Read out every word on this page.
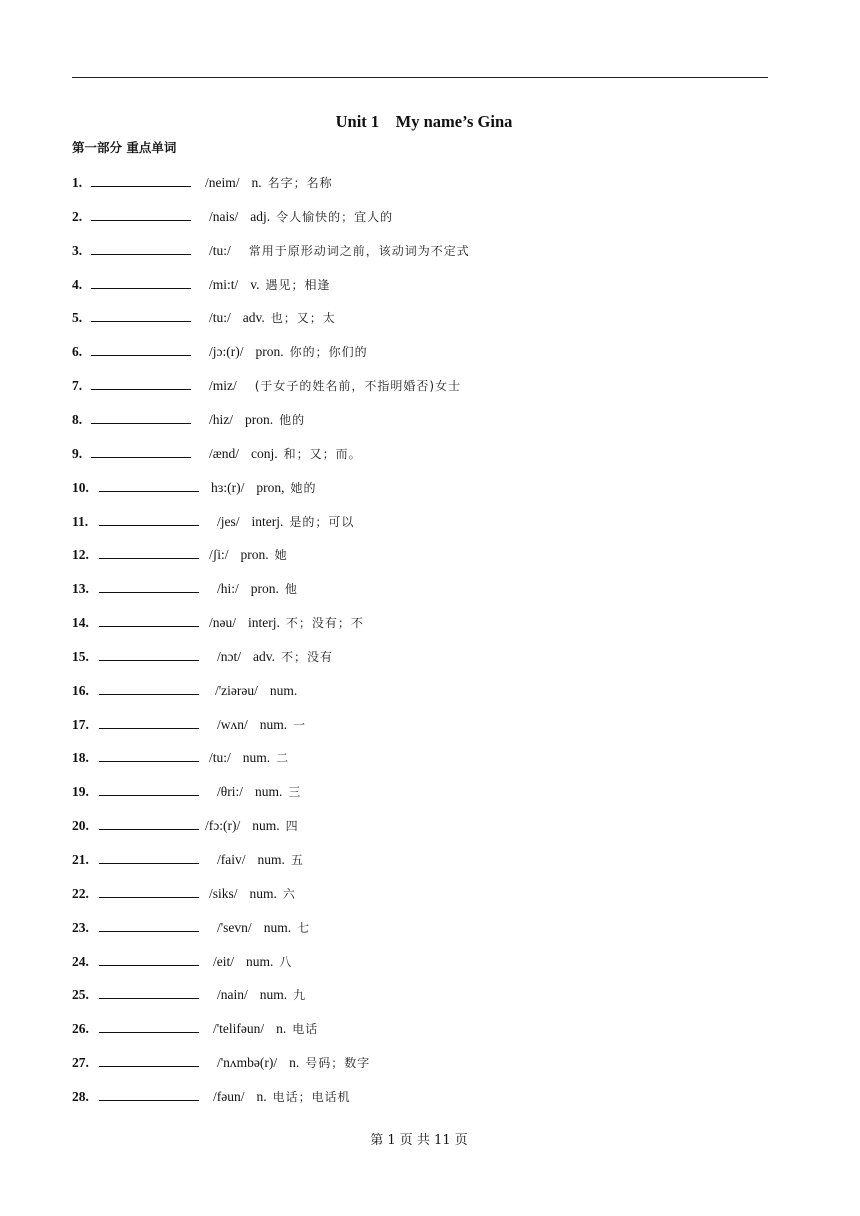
Unit 1    My name’s Gina
第一部分 重点单词
1.	/neim/ n. 名字；名称
2.	/nais/ adj. 令人愉快的；宜人的
3.	/tu:/ 常用于原形动词之前，该动词为不定式
4.	/mi:t/ v. 遇见；相逢
5.	/tu:/ adv. 也；又；太
6.	/jɔ:(r)/ pron. 你的；你们的
7.	/miz/ (于女子的姓名前，不指明婚否)女士
8.	/hiz/ pron. 他的
9.	/ænd/ conj. 和；又；而。
10.	hɜ:(r)/ pron, 她的
11.	/jes/ interj. 是的；可以
12.	/ʃi:/ pron. 她
13.	/hi:/ pron. 他
14.	/nəu/ interj. 不；没有；不
15.	/nɔt/ adv. 不；没有
16.	/'ziərəu/ num.
17.	/wʌn/ num. 一
18.	/tu:/ num. 二
19.	/θri:/ num. 三
20.	/fɔ:(r)/ num. 四
21.	/faiv/ num. 五
22.	/siks/ num. 六
23.	/'sevn/ num. 七
24.	/eit/ num. 八
25.	/nain/ num. 九
26.	/'telifəun/ n. 电话
27.	/'nʌmbə(r)/ n. 号码；数字
28.	/fəun/ n. 电话；电话机
第 1 页 共 11 页
